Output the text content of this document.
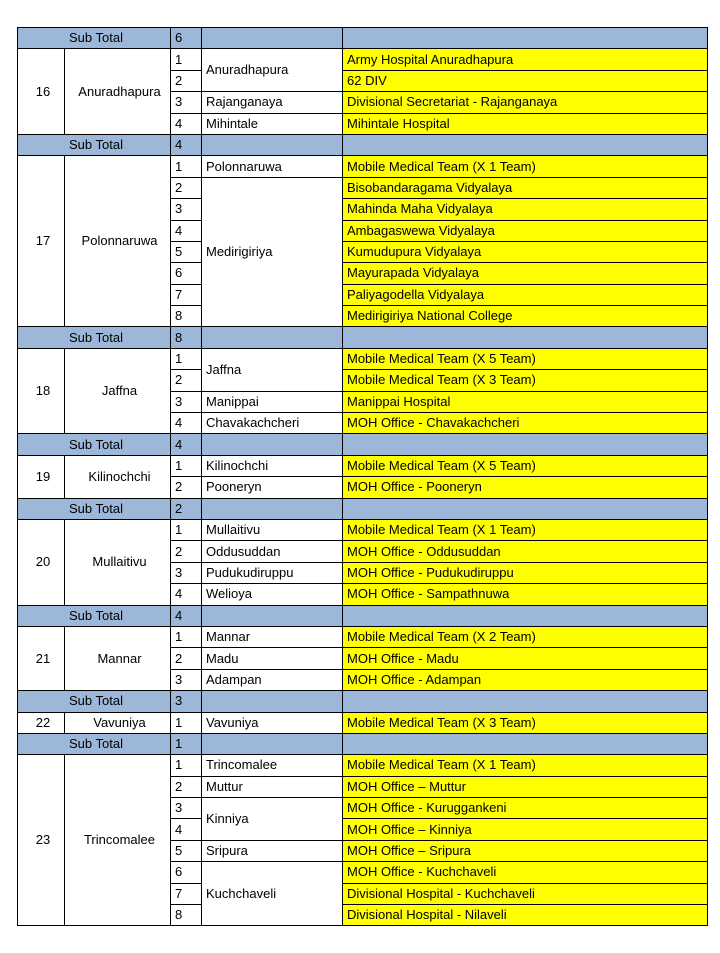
Sub Total		6		
16	Anuradhapura	1	Anuradhapura	Army Hospital Anuradhapura
		2		62 DIV
		3	Rajanganaya	Divisional Secretariat - Rajanganaya
		4	Mihintale	Mihintale Hospital
Sub Total		4		
17	Polonnaruwa	1	Polonnaruwa	Mobile Medical Team (X 1 Team)
		2	Medirigiriya	Bisobandaragama Vidyalaya
		3		Mahinda Maha Vidyalaya
		4		Ambagaswewa Vidyalaya
		5		Kumudupura Vidyalaya
		6		Mayurapada Vidyalaya
		7		Paliyagodella Vidyalaya
		8		Medirigiriya National College
Sub Total		8		
18	Jaffna	1	Jaffna	Mobile Medical Team (X 5 Team)
		2		Mobile Medical Team (X 3 Team)
		3	Manippai	Manippai Hospital
		4	Chavakachcheri	MOH Office - Chavakachcheri
Sub Total		4		
19	Kilinochchi	1	Kilinochchi	Mobile Medical Team (X 5 Team)
		2	Pooneryn	MOH Office - Pooneryn
Sub Total		2		
20	Mullaitivu	1	Mullaitivu	Mobile Medical Team (X 1 Team)
		2	Oddusuddan	MOH Office - Oddusuddan
		3	Pudukudiruppu	MOH Office - Pudukudiruppu
		4	Welioya	MOH Office - Sampathnuwa
Sub Total		4		
21	Mannar	1	Mannar	Mobile Medical Team (X 2 Team)
		2	Madu	MOH Office - Madu
		3	Adampan	MOH Office - Adampan
Sub Total		3		
22	Vavuniya	1	Vavuniya	Mobile Medical Team (X 3 Team)
Sub Total		1		
23	Trincomalee	1	Trincomalee	Mobile Medical Team (X 1 Team)
		2	Muttur	MOH Office – Muttur
		3	Kinniya	MOH Office - Kuruggankeni
		4		MOH Office – Kinniya
		5	Sripura	MOH Office – Sripura
		6	Kuchchaveli	MOH Office - Kuchchaveli
		7		Divisional Hospital - Kuchchaveli
		8		Divisional Hospital - Nilaveli
